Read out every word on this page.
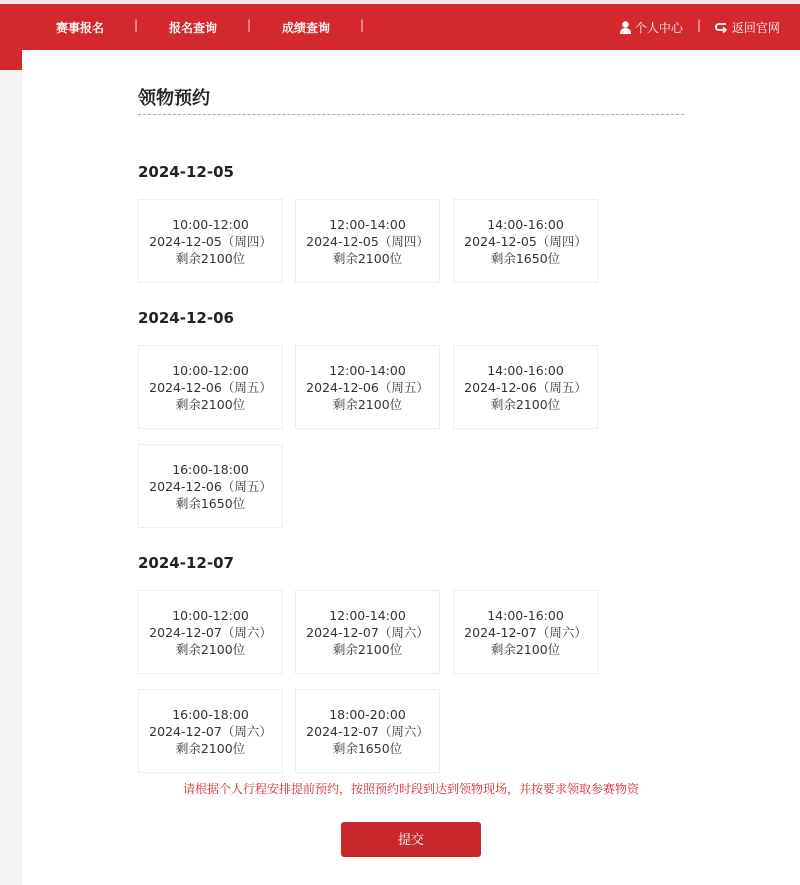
赛事报名 |	报名查询 |	成绩查询 |	个人中心 |	返回官网
领物预约
2024-12-05
10:00-12:00
2024-12-05（周四）
剩余2100位
12:00-14:00
2024-12-05（周四）
剩余2100位
14:00-16:00
2024-12-05（周四）
剩余1650位
2024-12-06
10:00-12:00
2024-12-06（周五）
剩余2100位
12:00-14:00
2024-12-06（周五）
剩余2100位
14:00-16:00
2024-12-06（周五）
剩余2100位
16:00-18:00
2024-12-06（周五）
剩余1650位
2024-12-07
10:00-12:00
2024-12-07（周六）
剩余2100位
12:00-14:00
2024-12-07（周六）
剩余2100位
14:00-16:00
2024-12-07（周六）
剩余2100位
16:00-18:00
2024-12-07（周六）
剩余2100位
18:00-20:00
2024-12-07（周六）
剩余1650位
请根据个人行程安排提前预约，按照预约时段到达到领物现场，并按要求领取参赛物资
提交
